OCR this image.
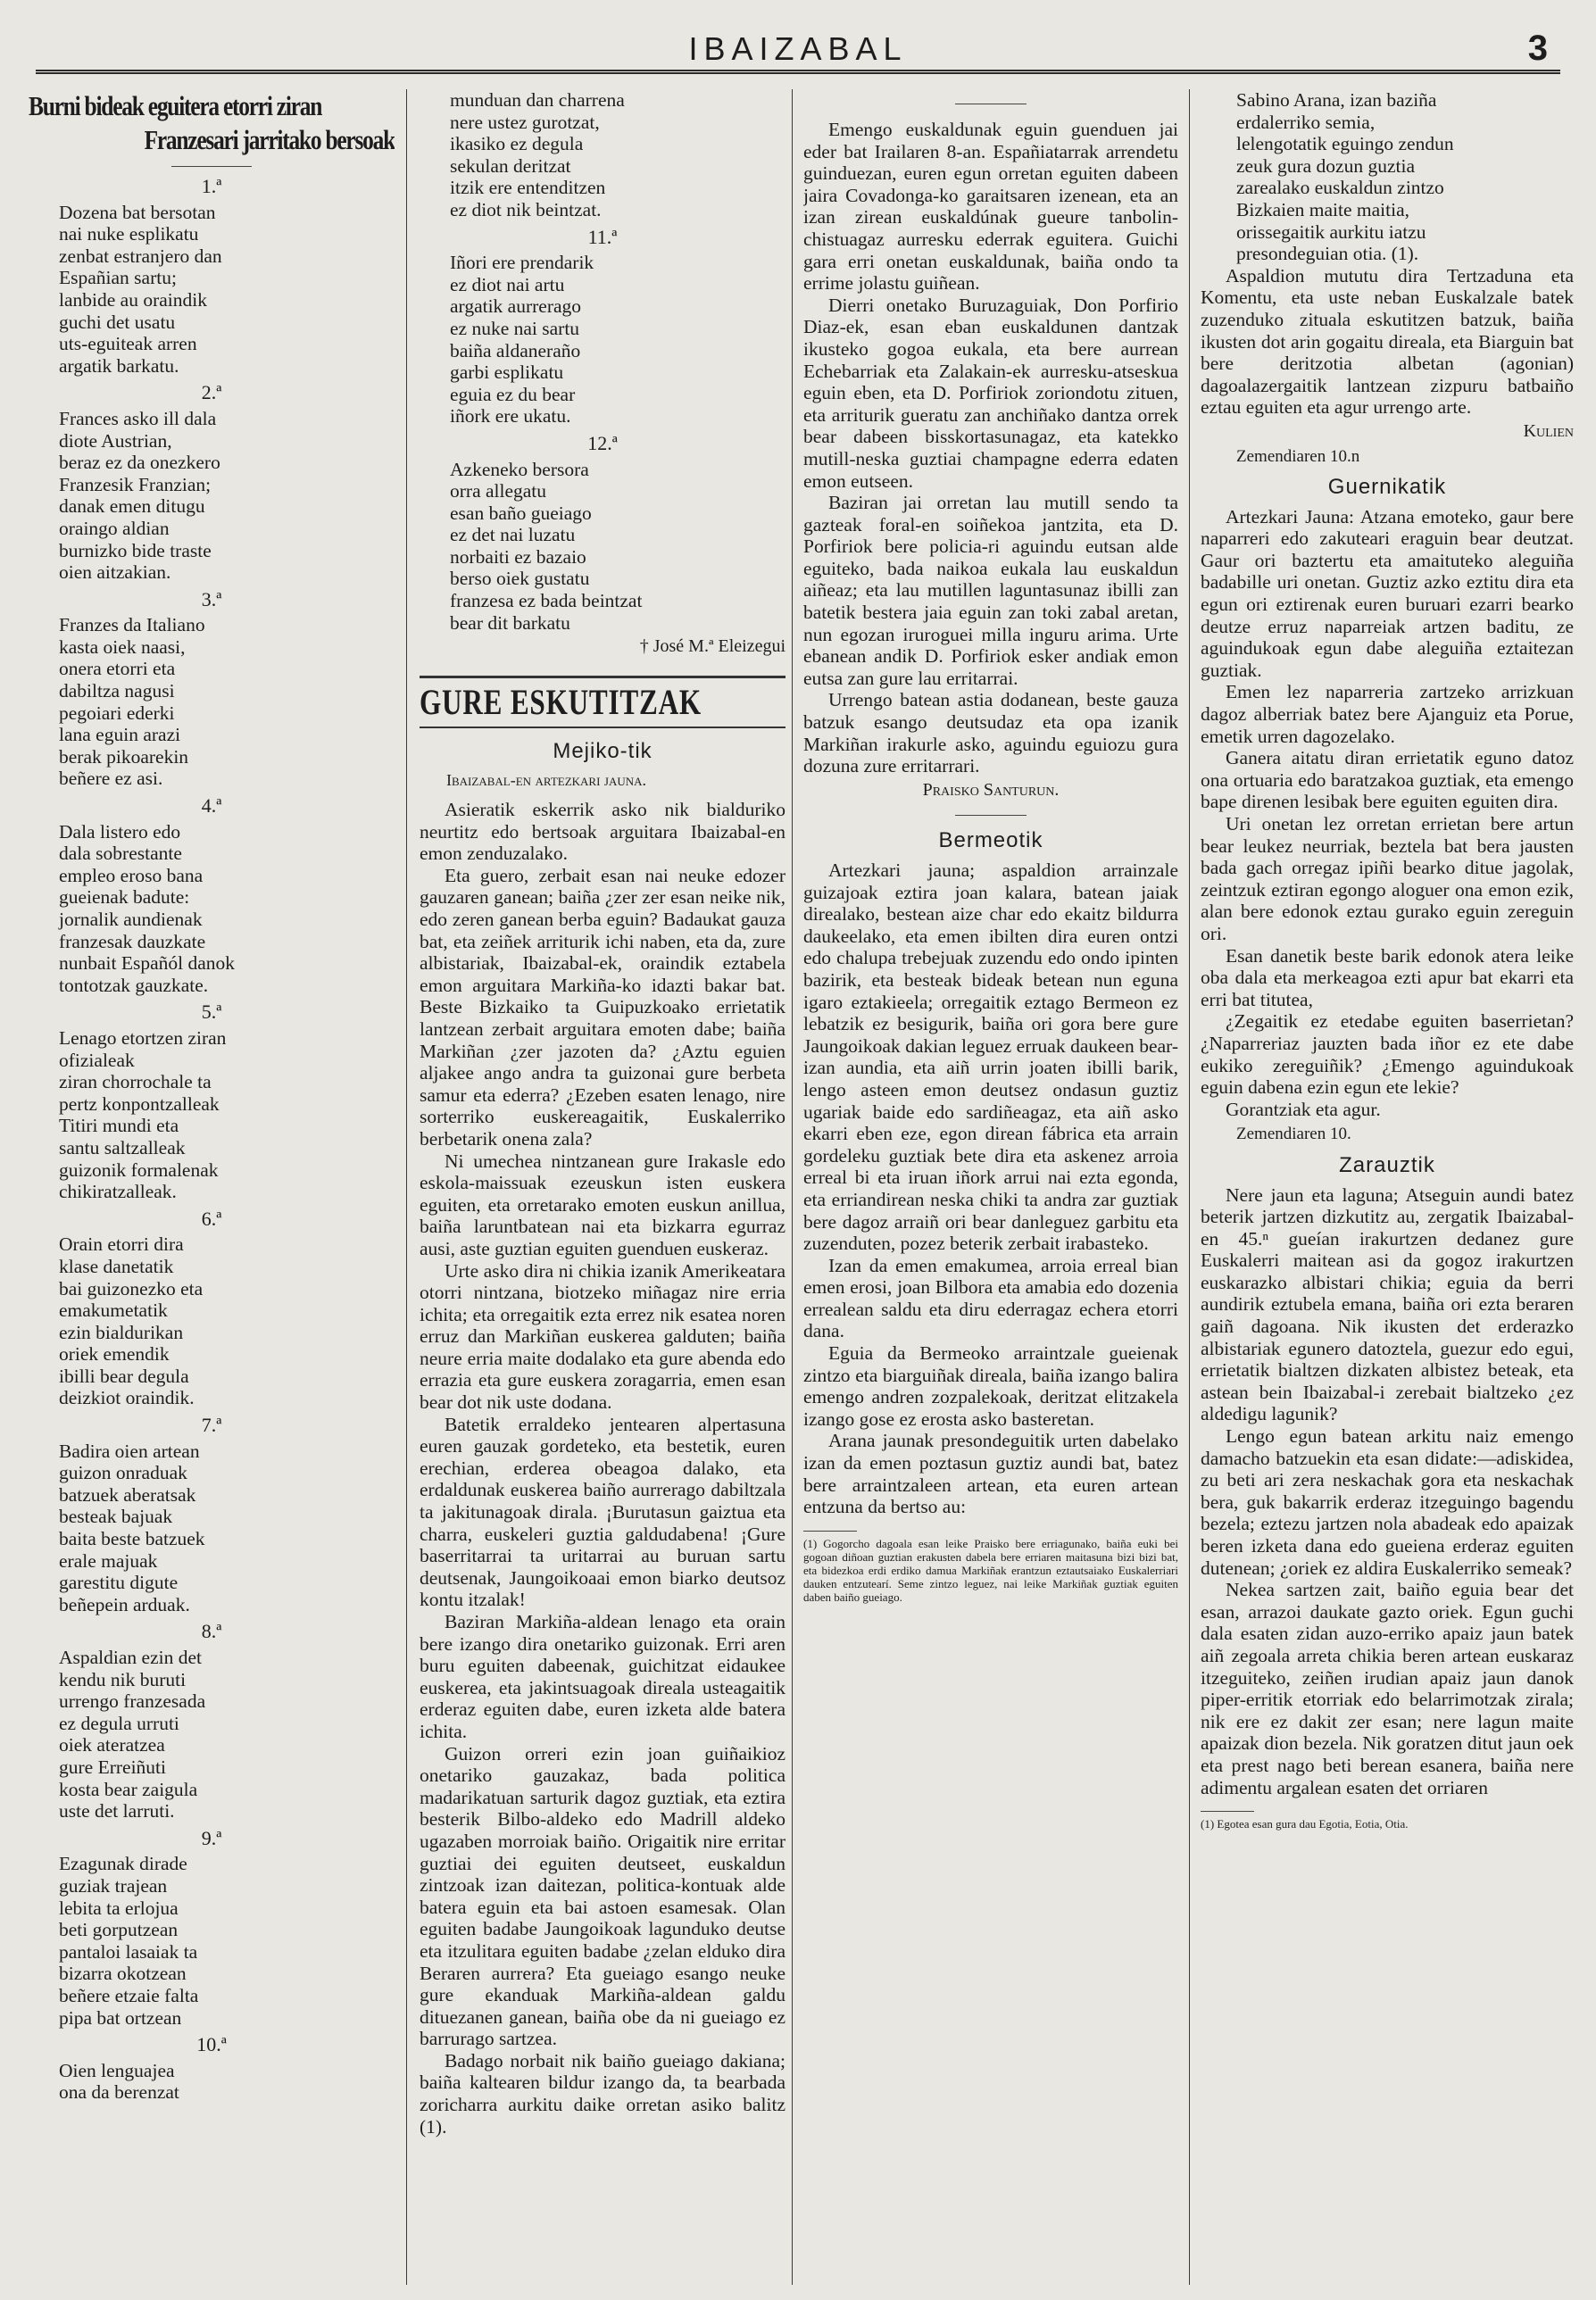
IBAIZABAL	3
Burni bideak eguitera etorri ziran
Franzesari jarritako bersoak
1.ª
Dozena bat bersotan
nai nuke esplikatu
zenbat estranjero dan
Españian sartu;
lanbide au oraindik
guchi det usatu
uts-eguiteak arren
argatik barkatu.
2.ª
Frances asko ill dala
diote Austrian,
beraz ez da onezkero
Franzesik Franzian;
danak emen ditugu
oraingo aldian
burnizko bide traste
oien aitzakian.
3.ª
Franzes da Italiano
kasta oiek naasi,
onera etorri eta
dabiltza nagusi
pegoiari ederki
lana eguin arazi
berak pikoarekin
beñere ez asi.
4.ª
Dala listero edo
dala sobrestante
empleo eroso bana
gueienak badute:
jornalik aundienak
franzesak dauzkate
nunbait Españól danok
tontotzak gauzkate.
5.ª
Lenago etortzen ziran
ofizialeak
ziran chorrochale ta
pertz konpontzalleak
Titiri mundi eta
santu saltzalleak
guizonik formalenak
chikiratzalleak.
6.ª
Orain etorri dira
klase danetatik
bai guizonezko eta
emakumetatik
ezin bialdurikan
oriek emendik
ibilli bear degula
deizkiot oraindik.
7.ª
Badira oien artean
guizon onraduak
batzuek aberatsak
besteak bajuak
baita beste batzuek
erale majuak
garestitu digute
beñepein arduak.
8.ª
Aspaldian ezin det
kendu nik buruti
urrengo franzesada
ez degula urruti
oiek ateratzea
gure Erreiñuti
kosta bear zaigula
uste det larruti.
9.ª
Ezagunak dirade
guziak trajean
lebita ta erlojua
beti gorputzean
pantaloi lasaiak ta
bizarra okotzean
beñere etzaie falta
pipa bat ortzean
10.ª
Oien lenguajea
ona da berenzat
munduan dan charrena
nere ustez gurotzat,
ikasiko ez degula
sekulan deritzat
itzik ere entenditzen
ez diot nik beintzat.
11.ª
Iñori ere prendarik
ez diot nai artu
argatik aurrerago
ez nuke nai sartu
baiña aldaneraño
garbi esplikatu
eguia ez du bear
iñork ere ukatu.
12.ª
Azkeneko bersora
orra allegatu
esan baño gueiago
ez det nai luzatu
norbaiti ez bazaio
berso oiek gustatu
franzesa ez bada beintzat
bear dit barkatu
† José M.ª Eleizegui
GURE ESKUTITZAK
Mejiko-tik
Ibaizabal-en artezkari jauna.

Asieratik eskerrik asko nik bialduriko neurtitz edo bertsoak arguitara Ibaizabal-en emon zenduzalako.

Eta guero, zerbait esan nai neuke edozer gauzaren ganean; baiña ¿zer zer esan neike nik, edo zeren ganean berba eguin? Badaukat gauza bat, eta zeiñek arriturik ichi naben, eta da, zure albistariak, Ibaizabal-ek, oraindik eztabela emon arguitara Markiña-ko idazti bakar bat. Beste Bizkaiko ta Guipuzkoako errietatik lantzean zerbait arguitara emoten dabe; baiña Markiñan ¿zer jazoten da? ¿Aztu eguien aljakee ango andra ta guizonai gure berbeta samur eta ederra? ¿Ezeben esaten lenago, nire sorterriko euskereagaitik, Euskalerriko berbetarik onena zala?

Ni umechea nintzanean gure Irakasle edo eskola-maissuak ezeuskun isten euskera eguiten, eta orretarako emoten euskun anillua, baiña laruntbatean nai eta bizkarra egurraz ausi, aste guztian eguiten guenduen euskeraz.

Urte asko dira ni chikia izanik Amerikeatara otorri nintzana, biotzeko miñagaz nire erria ichita; eta orregaitik ezta errez nik esatea noren erruz dan Markiñan euskerea galduten; baiña neure erria maite dodalako eta gure abenda edo errazia eta gure euskera zoragarria, emen esan bear dot nik uste dodana.

Batetik erraldeko jentearen alpertasuna euren gauzak gordeteko, eta bestetik, euren erechian, erderea obeagoa dalako, eta erdaldunak euskerea baiño aurrerago dabiltzala ta jakitunagoak dirala. ¡Burutasun gaiztua eta charra, euskeleri guztia galdudabena! ¡Gure baserritarrai ta uritarrai au buruan sartu deutsenak, Jaungoikoaai emon biarko deutsoz kontu itzalak!

Baziran Markiña-aldean lenago eta orain bere izango dira onetariko guizonak. Erri aren buru eguiten dabeenak, guichitzat eidaukee euskerea, eta jakintsuagoak direala usteagaitik erderaz eguiten dabe, euren izketa alde batera ichita.

Guizon orreri ezin joan guiñaikioz onetariko gauzakaz, bada politica madarikatuan sarturik dagoz guztiak, eta eztira besterik Bilbo-aldeko edo Madrill aldeko ugazaben morroiak baiño. Origaitik nire erritar guztiai dei eguiten deutseet, euskaldun zintzoak izan daitezan, politica-kontuak alde batera eguin eta bai astoen esamesak. Olan eguiten badabe Jaungoikoak lagunduko deutse eta itzulitara eguiten badabe ¿zelan elduko dira Beraren aurrera? Eta gueiago esango neuke gure ekanduak Markiña-aldean galdu dituezanen ganean, baiña obe da ni gueiago ez barrurago sartzea.

Badago norbait nik baiño gueiago dakiana; baiña kaltearen bildur izango da, ta bearbada zoricharra aurkitu daike orretan asiko balitz (1).

Emengo euskaldunak eguin guenduen jai eder bat Irailaren 8-an. Españiatarrak arrendetu guinduezan, euren egun orretan eguiten dabeen jaira Covadonga-ko garaitsaren izenean, eta an izan zirean euskaldúnak gueure tanbolin-chistuagaz aurresku ederrak eguitera. Guichi gara erri onetan euskaldunak, baiña ondo ta errime jolastu guiñean.

Dierri onetako Buruzaguiak, Don Porfirio Diaz-ek, esan eban euskaldunen dantzak ikusteko gogoa eukala, eta bere aurrean Echebarriak eta Zalakain-ek aurresku-atseskua eguin eben, eta D. Porfiriok zoriondotu zituen, eta arriturik gueratu zan anchiñako dantza orrek bear dabeen bisskortasunagaz, eta katekko mutill-neska guztiai champagne ederra edaten emon eutseen.

Baziran jai orretan lau mutill sendo ta gazteak foral-en soiñekoa jantzita, eta D. Porfiriok bere policia-ri aguindu eutsan alde eguiteko, bada naikoa eukala lau euskaldun aiñeaz; eta lau mutillen laguntasunaz ibilli zan batetik bestera jaia eguin zan toki zabal aretan, nun egozan iruroguei milla inguru arima. Urte ebanean andik D. Porfiriok esker andiak emon eutsa zan gure lau erritarrai.

Urrengo batean astia dodanean, beste gauza batzuk esango deutsudaz eta opa izanik Markiñan irakurle asko, aguindu eguiozu gura dozuna zure erritarrari.

Praisko Santurun.
Bermeotik

Artezkari jauna; aspaldion arrainzale guizajoak eztira joan kalara, batean jaiak direalako, bestean aize char edo ekaitz bildurra daukeelako, eta emen ibilten dira euren ontzi edo chalupa trebejuak zuzendu edo ondo ipinten bazirik, eta besteak bideak betean nun eguna igaro eztakieela; orregaitik eztago Bermeon ez lebatzik ez besigurik, baiña ori gora bere gure Jaungoikoak dakian leguez erruak daukeen bear-izan aundia, eta aiñ urrin joaten ibilli barik, lengo asteen emon deutsez ondasun guztiz ugariak baide edo sardiñeagaz, eta aiñ asko ekarri eben eze, egon direan fábrica eta arrain gordeleku guztiak bete dira eta askenez arroia erreal bi eta iruan iñork arrui nai ezta egonda, eta erriandirean neska chiki ta andra zar guztiak bere dagoz arraiñ ori bear danleguez garbitu eta zuzenduten, pozez beterik zerbait irabasteko.

Izan da emen emakumea, arroia erreal bian emen erosi, joan Bilbora eta amabia edo dozenia errealean saldu eta diru ederragaz echera etorri dana.

Eguia da Bermeoko arraintzale gueienak zintzo eta biarguiñak direala, baiña izango balira emengo andren zozpalekoak, deritzat elitzakela izango gose ez erosta asko basteretan.

Arana jaunak presondeguitik urten dabelako izan da emen poztasun guztiz aundi bat, batez bere arraintzaleen artean, eta euren artean entzuna da bertso au:

(1) Gogorcho dagoala esan leike Praisko bere erriagunako, baiña euki bei gogoan diñoan guztian erakusten dabela bere erriaren maitasuna bizi bizi bat, eta bidezkoa erdi erdiko damua Markiñak erantzun eztautsaiako Euskalerriari dauken entzutearí. Seme zintzo leguez, nai leike Markiñak guztiak eguiten daben baiño gueiago.
Sabino Arana, izan baziña
erdalerriko semia,
lelengotatik eguingo zendun
zeuk gura dozun guztia
zarealako euskaldun zintzo
Bizkaien maite maitia,
orissegaitik aurkitu iatzu
presondeguian otia. (1).

Aspaldion mututu dira Tertzaduna eta Komentu, eta uste neban Euskalzale batek zuzenduko zituala eskutitzen batzuk, baiña ikusten dot arin gogaitu direala, eta Biarguin bat bere deritzotia albetan (agonian) dagoalazergaitik lantzean zizpuru batbaiño eztau eguiten eta agur urrengo arte.

Kulien
Zemendiaren 10.n
Guernikatik

Artezkari Jauna: Atzana emoteko, gaur bere naparreri edo zakuteari eraguin bear deutzat. Gaur ori baztertu eta amaituteko aleguiña badabille uri onetan. Guztiz azko eztitu dira eta egun ori eztirenak euren buruari ezarri bearko deutze erruz naparreiak artzen baditu, ze aguindukoak egun dabe aleguiña eztaitezan guztiak.

Emen lez naparreria zartzeko arrizkuan dagoz alberriak batez bere Ajanguiz eta Porue, emetik urren dagozelako.

Ganera aitatu diran errietatik eguno datoz ona ortuaria edo baratzakoa guztiak, eta emengo bape direnen lesibak bere eguiten eguiten dira.

Uri onetan lez orretan errietan bere artun bear leukez neurriak, beztela bat bera jausten bada gach orregaz ipiñi bearko ditue jagolak, zeintzuk eztiran egongo aloguer ona emon ezik, alan bere edonok eztau gurako eguin zereguin ori.

Esan danetik beste barik edonok atera leike oba dala eta merkeagoa ezti apur bat ekarri eta erri bat titutea,

¿Zegaitik ez etedabe eguiten baserrietan? ¿Naparreriaz jauzten bada iñor ez ete dabe eukiko zereguiñik? ¿Emengo aguindukoak eguin dabena ezin egun ete lekie?

Gorantziak eta agur.

Zemendiaren 10.
Zarauztik

Nere jaun eta laguna; Atseguin aundi batez beterik jartzen dizkutitz au, zergatik Ibaizabal-en 45.ⁿ gueían irakurtzen dedanez gure Euskalerri maitean asi da gogoz irakurtzen euskarazko albistari chikia; eguia da berri aundirik eztubela emana, baiña ori ezta beraren gaiñ dagoana. Nik ikusten det erderazko albistariak egunero datoztela, guezur edo egui, errietatik bialtzen dizkaten albistez beteak, eta astean bein Ibaizabal-i zerebait bialtzeko ¿ez aldedigu lagunik?

Lengo egun batean arkitu naiz emengo damacho batzuekin eta esan didate:—adiskidea, zu beti ari zera neskachak gora eta neskachak bera, guk bakarrik erderaz itzeguingo bagendu bezela; eztezu jartzen nola abadeak edo apaizak beren izketa dana edo gueiena erderaz eguiten dutenean; ¿oriek ez aldira Euskalerriko semeak?

Nekea sartzen zait, baiño eguia bear det esan, arrazoi daukate gazto oriek. Egun guchi dala esaten zidan auzo-erriko apaiz jaun batek aiñ zegoala arreta chikia beren artean euskaraz itzeguiteko, zeiñen irudian apaiz jaun danok piper-erritik etorriak edo belarrimotzak zirala; nik ere ez dakit zer esan; nere lagun maite apaizak dion bezela. Nik goratzen ditut jaun oek eta prest nago beti berean esanera, baiña nere adimentu argalean esaten det orriaren

(1) Egotea esan gura dau Egotia, Eotia, Otia.
